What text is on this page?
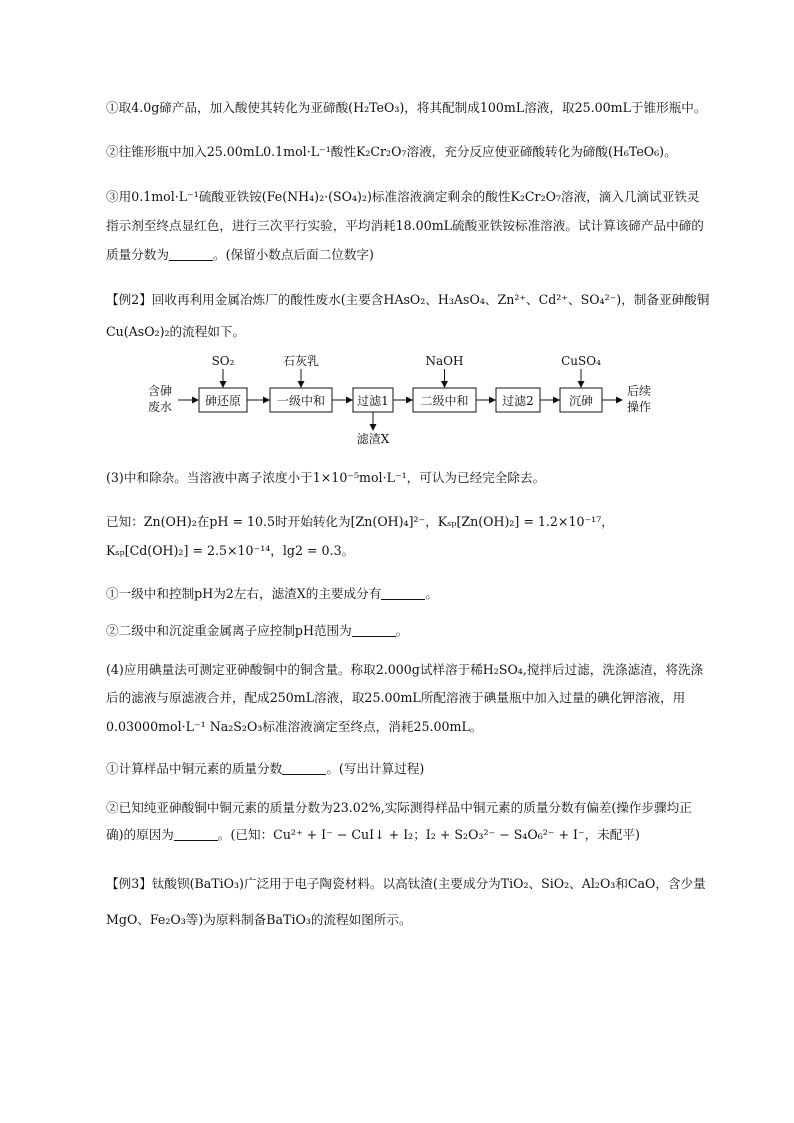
①取4.0g碲产品，加入酸使其转化为亚碲酸(H₂TeO₃)，将其配制成100mL溶液，取25.00mL于锥形瓶中。
②往锥形瓶中加入25.00mL0.1mol·L⁻¹酸性K₂Cr₂O₇溶液，充分反应使亚碲酸转化为碲酸(H₆TeO₆)。
③用0.1mol·L⁻¹硫酸亚铁铵(Fe(NH₄)₂·(SO₄)₂)标准溶液滴定剩余的酸性K₂Cr₂O₇溶液，滴入几滴试亚铁灵
指示剂至终点显红色，进行三次平行实验，平均消耗18.00mL硫酸亚铁铵标准溶液。试计算该碲产品中碲的
质量分数为	。(保留小数点后面二位数字)
【例2】回收再利用金属冶炼厂的酸性废水(主要含HAsO₂、H₃AsO₄、Zn²⁺、Cd²⁺、SO₄²⁻)，制备亚砷酸铜
Cu(AsO₂)₂的流程如下。
含砷
废水	砷还原	一级中和	过滤1	二级中和	过滤2	沉砷
SO₂	石灰乳	NaOH	CuSO₄
滤渣X
后续
操作
(3)中和除杂。当溶液中离子浓度小于1×10⁻⁵mol·L⁻¹，可认为已经完全除去。
已知：Zn(OH)₂在pH = 10.5时开始转化为[Zn(OH)₄]²⁻，Kₛₚ[Zn(OH)₂] = 1.2×10⁻¹⁷，
Kₛₚ[Cd(OH)₂] = 2.5×10⁻¹⁴，lg2 = 0.3。
①一级中和控制pH为2左右，滤渣X的主要成分有	。
②二级中和沉淀重金属离子应控制pH范围为	。
(4)应用碘量法可测定亚砷酸铜中的铜含量。称取2.000g试样溶于稀H₂SO₄,搅拌后过滤，洗涤滤渣，将洗涤
后的滤液与原滤液合并，配成250mL溶液，取25.00mL所配溶液于碘量瓶中加入过量的碘化钾溶液，用
0.03000mol·L⁻¹ Na₂S₂O₃标准溶液滴定至终点，消耗25.00mL。
①计算样品中铜元素的质量分数	。(写出计算过程)
②已知纯亚砷酸铜中铜元素的质量分数为23.02%,实际测得样品中铜元素的质量分数有偏差(操作步骤均正
确)的原因为	。(已知：Cu²⁺ + I⁻ − CuI↓ + I₂；I₂ + S₂O₃²⁻ − S₄O₆²⁻ + I⁻，未配平)
【例3】钛酸钡(BaTiO₃)广泛用于电子陶瓷材料。以高钛渣(主要成分为TiO₂、SiO₂、Al₂O₃和CaO，含少量
MgO、Fe₂O₃等)为原料制备BaTiO₃的流程如图所示。
